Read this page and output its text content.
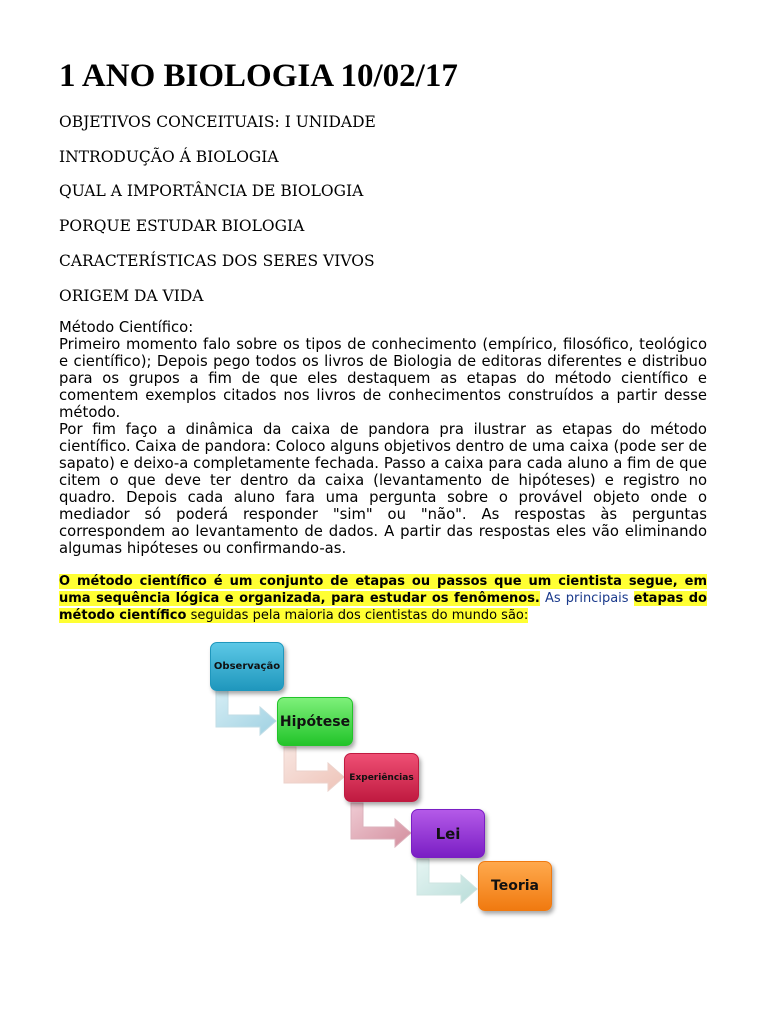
1 ANO BIOLOGIA 10/02/17
OBJETIVOS CONCEITUAIS: I UNIDADE
INTRODUÇÃO Á BIOLOGIA
QUAL A IMPORTÂNCIA DE BIOLOGIA
PORQUE ESTUDAR BIOLOGIA
CARACTERÍSTICAS DOS SERES VIVOS
ORIGEM DA VIDA

Método Científico:

Primeiro momento falo sobre os tipos de conhecimento (empírico, filosófico, teológico e científico); Depois pego todos os livros de Biologia de editoras diferentes e distribuo para os grupos a fim de que eles destaquem as etapas do método científico e comentem exemplos citados nos livros de conhecimentos construídos a partir desse método.

Por fim faço a dinâmica da caixa de pandora pra ilustrar as etapas do método científico. Caixa de pandora: Coloco alguns objetivos dentro de uma caixa (pode ser de sapato) e deixo-a completamente fechada. Passo a caixa para cada aluno a fim de que citem o que deve ter dentro da caixa (levantamento de hipóteses) e registro no quadro. Depois cada aluno fara uma pergunta sobre o provável objeto onde o mediador só poderá responder "sim" ou "não". As respostas às perguntas correspondem ao levantamento de dados. A partir das respostas eles vão eliminando algumas hipóteses ou confirmando-as.

O método científico é um conjunto de etapas ou passos que um cientista segue, em uma sequência lógica e organizada, para estudar os fenômenos. As principais etapas do método científico seguidas pela maioria dos cientistas do mundo são:
Observação
Hipótese
Experiências
Lei
Teoria
